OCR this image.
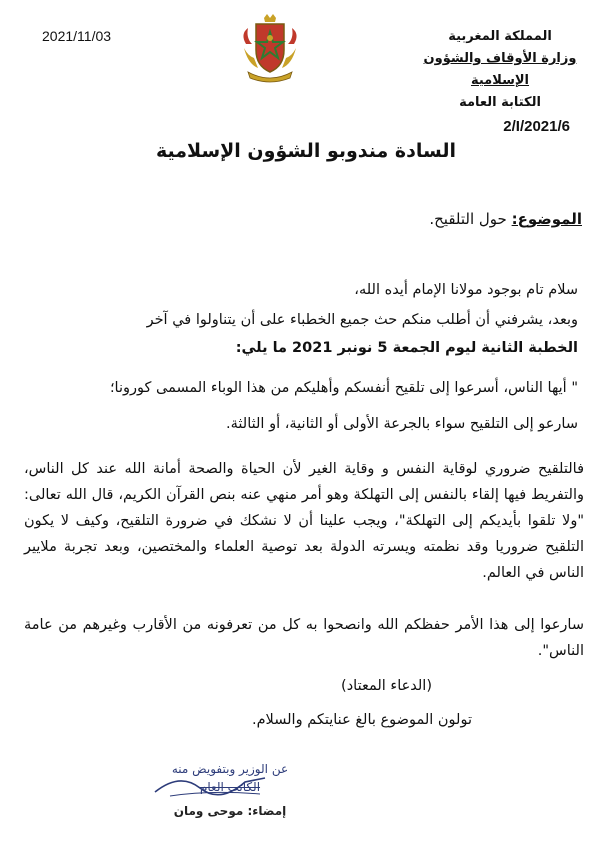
2021/11/03	المملكة المغربية
وزارة الأوقاف والشؤون الإسلامية
الكتابة العامة
2/I/2021/6
السادة مندوبو الشؤون الإسلامية
الموضوع: حول التلقيح.
سلام تام بوجود مولانا الإمام أيده الله،
وبعد، يشرفني أن أطلب منكم حث جميع الخطباء على أن يتناولوا في آخر
الخطبة الثانية ليوم الجمعة 5 نونبر 2021 ما يلي:
" أيها الناس، أسرعوا إلى تلقيح أنفسكم وأهليكم من هذا الوباء المسمى كورونا؛
سارعو إلى التلقيح سواء بالجرعة الأولى أو الثانية، أو الثالثة.
فالتلقيح ضروري لوقاية النفس و وقاية الغير لأن الحياة والصحة أمانة الله عند كل الناس، والتفريط فيها إلقاء بالنفس إلى التهلكة وهو أمر منهي عنه بنص القرآن الكريم، قال الله تعالى: "ولا تلقوا بأيديكم إلى التهلكة"، ويجب علينا أن لا نشكك في ضرورة التلقيح، وكيف لا يكون التلقيح ضروريا وقد نظمته ويسرته الدولة بعد توصية العلماء والمختصين، وبعد تجربة ملايير الناس في العالم.
سارعوا إلى هذا الأمر حفظكم الله وانصحوا به كل من تعرفونه من الأقارب وغيرهم من عامة الناس".
(الدعاء المعتاد)
تولون الموضوع بالغ عنايتكم والسلام.
عن الوزير وبتفويض منه
الكاتب العام
إمضاء: موحى ومان
